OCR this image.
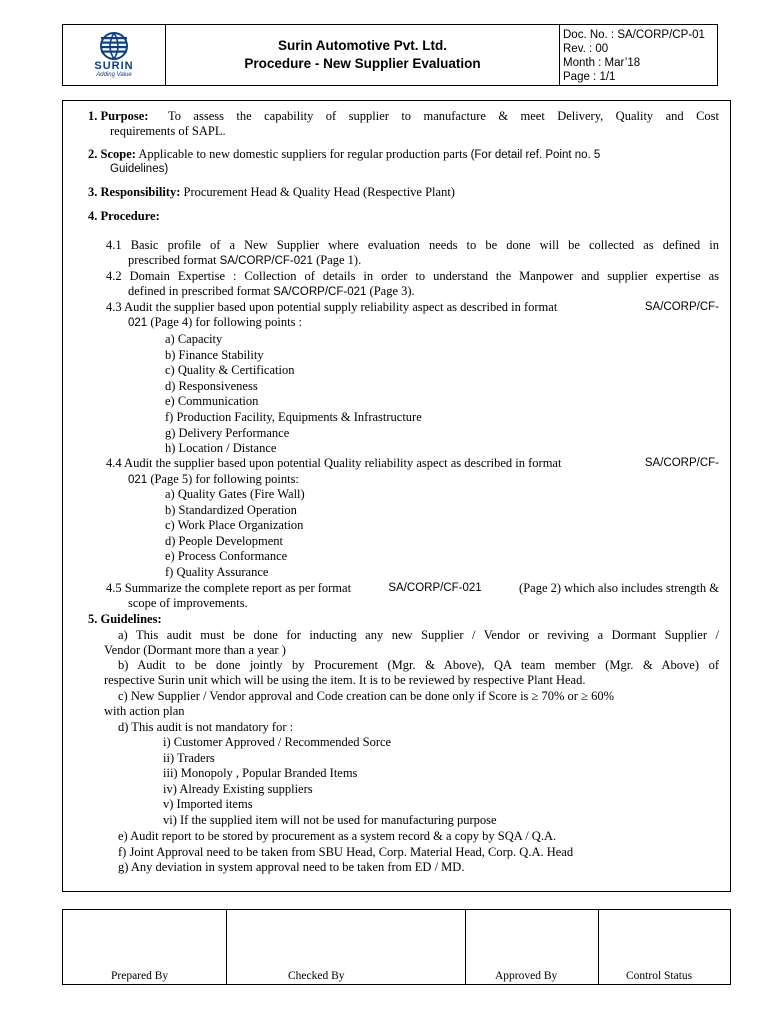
SURIN
Adding Value
Surin Automotive Pvt. Ltd.
Procedure - New Supplier Evaluation
Doc. No. : SA/CORP/CP-01
Rev. : 00
Month : Mar’18
Page : 1/1
1. Purpose: To assess the capability of supplier to manufacture & meet Delivery, Quality and Cost
requirements of SAPL.
2. Scope: Applicable to new domestic suppliers for regular production parts (For detail ref. Point no. 5
Guidelines)
3. Responsibility: Procurement Head & Quality Head (Respective Plant)
4. Procedure:
4.1 Basic profile of a New Supplier where evaluation needs to be done will be collected as defined in
prescribed format SA/CORP/CF-021 (Page 1).
4.2 Domain Expertise : Collection of details in order to understand the Manpower and supplier expertise as
defined in prescribed format SA/CORP/CF-021 (Page 3).
4.3 Audit the supplier based upon potential supply reliability aspect as described in format	SA/CORP/CF-
021 (Page 4) for following points :
a) Capacity
b) Finance Stability
c) Quality & Certification
d) Responsiveness
e) Communication
f) Production Facility, Equipments & Infrastructure
g) Delivery Performance
h) Location / Distance
4.4 Audit the supplier based upon potential Quality reliability aspect as described in format	SA/CORP/CF-
021 (Page 5) for following points:
a) Quality Gates (Fire Wall)
b) Standardized Operation
c) Work Place Organization
d) People Development
e) Process Conformance
f) Quality Assurance
4.5 Summarize the complete report as per format	SA/CORP/CF-021	(Page 2) which also includes strength &
scope of improvements.
5. Guidelines:
a) This audit must be done for inducting any new Supplier / Vendor or reviving a Dormant Supplier /
Vendor (Dormant more than a year )
b) Audit to be done jointly by Procurement (Mgr. & Above), QA team member (Mgr. & Above) of
respective Surin unit which will be using the item. It is to be reviewed by respective Plant Head.
c) New Supplier / Vendor approval and Code creation can be done only if Score is ≥ 70% or ≥ 60%
with action plan
d) This audit is not mandatory for :
i) Customer Approved / Recommended Sorce
ii) Traders
iii) Monopoly , Popular Branded Items
iv) Already Existing suppliers
v) Imported items
vi) If the supplied item will not be used for manufacturing purpose
e) Audit report to be stored by procurement as a system record & a copy by SQA / Q.A.
f) Joint Approval need to be taken from SBU Head, Corp. Material Head, Corp. Q.A. Head
g) Any deviation in system approval need to be taken from ED / MD.
Prepared By	Checked By	Approved By	Control Status
